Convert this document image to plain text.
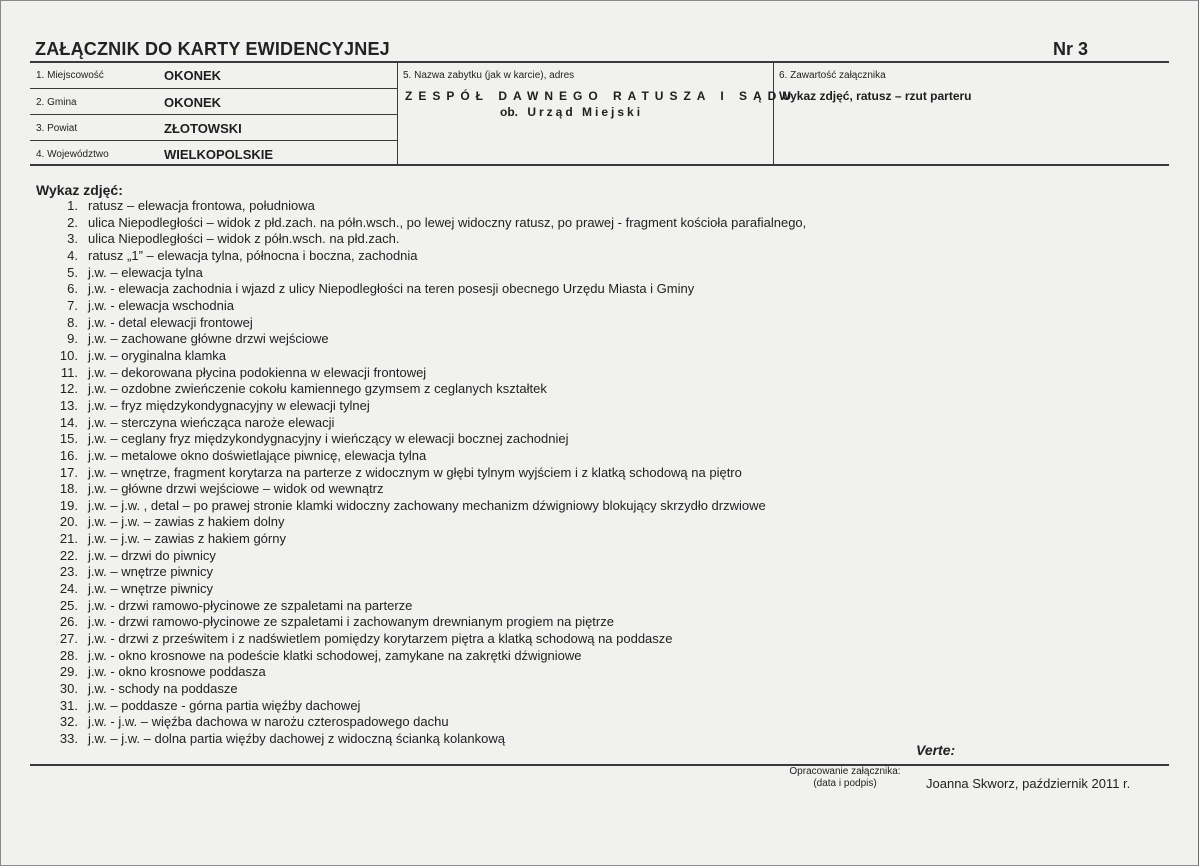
ZAŁĄCZNIK DO KARTY EWIDENCYJNEJ	Nr 3
1. Miejscowość	OKONEK
2. Gmina	OKONEK
3. Powiat	ZŁOTOWSKI
4. Województwo	WIELKOPOLSKIE
5. Nazwa zabytku (jak w karcie), adres
ZESPÓŁ DAWNEGO RATUSZA I SĄDU
ob. Urząd Miejski
6. Zawartość załącznika
Wykaz zdjęć, ratusz – rzut parteru
Wykaz zdjęć:
1. ratusz – elewacja frontowa, południowa
2. ulica Niepodległości – widok z płd.zach. na półn.wsch., po lewej widoczny ratusz, po prawej - fragment kościoła parafialnego,
3. ulica Niepodległości – widok z półn.wsch. na płd.zach.
4. ratusz „1” – elewacja tylna, północna i boczna, zachodnia
5. j.w. – elewacja tylna
6. j.w. - elewacja zachodnia i wjazd z ulicy Niepodległości na teren posesji obecnego Urzędu Miasta i Gminy
7. j.w. - elewacja wschodnia
8. j.w. - detal elewacji frontowej
9. j.w. – zachowane główne drzwi wejściowe
10. j.w. – oryginalna klamka
11. j.w. – dekorowana płycina podokienna w elewacji frontowej
12. j.w. – ozdobne zwieńczenie cokołu kamiennego gzymsem z ceglanych kształtek
13. j.w. – fryz międzykondygnacyjny w elewacji tylnej
14. j.w. – sterczyna wieńcząca naroże elewacji
15. j.w. – ceglany fryz międzykondygnacyjny i wieńczący w elewacji bocznej zachodniej
16. j.w. – metalowe okno doświetlające piwnicę, elewacja tylna
17. j.w. – wnętrze, fragment korytarza na parterze z widocznym w głębi tylnym wyjściem i z klatką schodową na piętro
18. j.w. – główne drzwi wejściowe – widok od wewnątrz
19. j.w. – j.w. , detal – po prawej stronie klamki widoczny zachowany mechanizm dźwigniowy blokujący skrzydło drzwiowe
20. j.w. – j.w. – zawias z hakiem dolny
21. j.w. – j.w. – zawias z hakiem górny
22. j.w. – drzwi do piwnicy
23. j.w. – wnętrze piwnicy
24. j.w. – wnętrze piwnicy
25. j.w. - drzwi ramowo-płycinowe ze szpaletami na parterze
26. j.w. - drzwi ramowo-płycinowe ze szpaletami i zachowanym drewnianym progiem na piętrze
27. j.w. - drzwi z prześwitem i z nadświetlem pomiędzy korytarzem piętra a klatką schodową na poddasze
28. j.w. - okno krosnowe na podeście klatki schodowej, zamykane na zakrętki dźwigniowe
29. j.w. - okno krosnowe poddasza
30. j.w. - schody na poddasze
31. j.w. – poddasze - górna partia więźby dachowej
32. j.w. - j.w. – więźba dachowa w narożu czterospadowego dachu
33. j.w. – j.w. – dolna partia więźby dachowej z widoczną ścianką kolankową
Verte:
Opracowanie załącznika:
(data i podpis)	Joanna Skworz, październik 2011 r.
